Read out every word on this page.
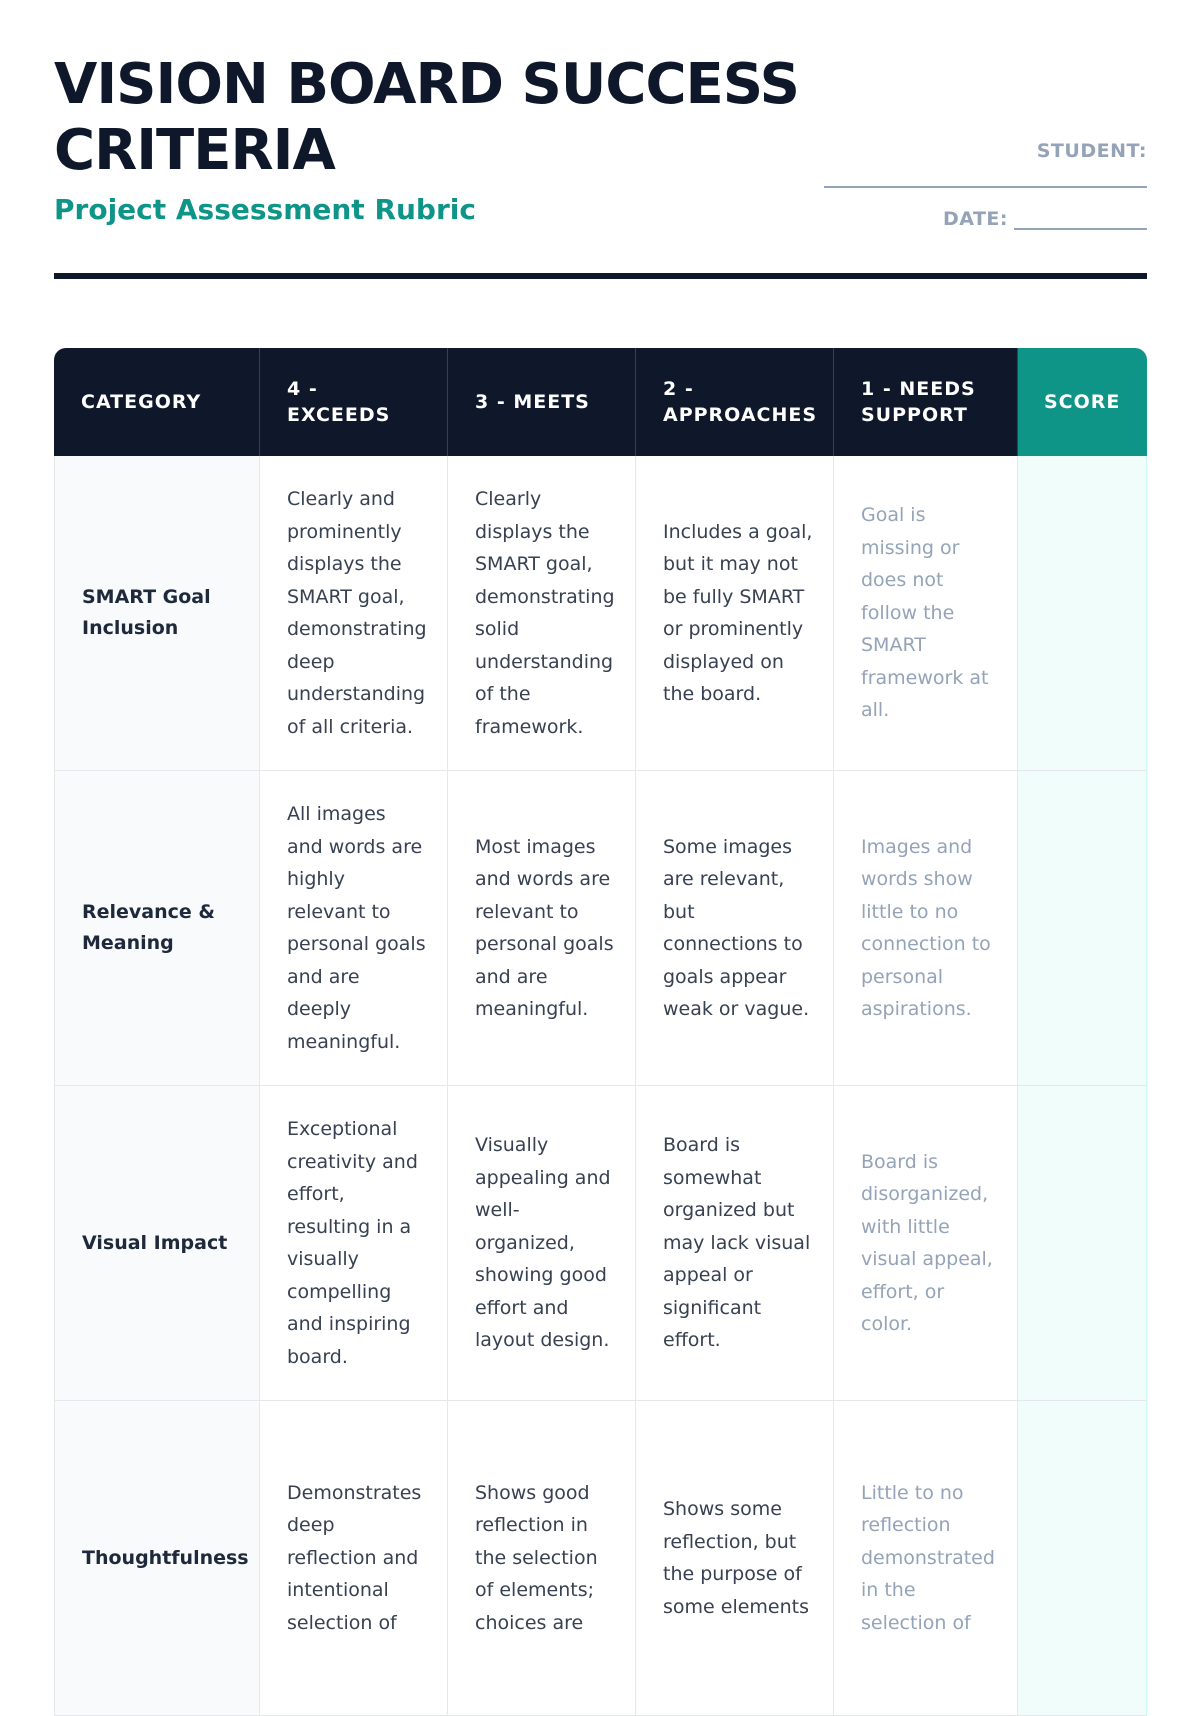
VISION BOARD SUCCESS CRITERIA
Project Assessment Rubric
STUDENT:
DATE:
CATEGORY	4 - EXCEEDS	3 - MEETS	2 - APPROACHES	1 - NEEDS SUPPORT	SCORE
SMART Goal Inclusion	Clearly and prominently displays the SMART goal, demonstrating deep understanding of all criteria.	Clearly displays the SMART goal, demonstrating solid understanding of the framework.	Includes a goal, but it may not be fully SMART or prominently displayed on the board.	Goal is missing or does not follow the SMART framework at all.	
Relevance & Meaning	All images and words are highly relevant to personal goals and are deeply meaningful.	Most images and words are relevant to personal goals and are meaningful.	Some images are relevant, but connections to goals appear weak or vague.	Images and words show little to no connection to personal aspirations.	
Visual Impact	Exceptional creativity and effort, resulting in a visually compelling and inspiring board.	Visually appealing and well-organized, showing good effort and layout design.	Board is somewhat organized but may lack visual appeal or significant effort.	Board is disorganized, with little visual appeal, effort, or color.	
Thoughtfulness	Demonstrates deep reflection and intentional selection of	Shows good reflection in the selection of elements; choices are	Shows some reflection, but the purpose of some elements	Little to no reflection demonstrated in the selection of	
